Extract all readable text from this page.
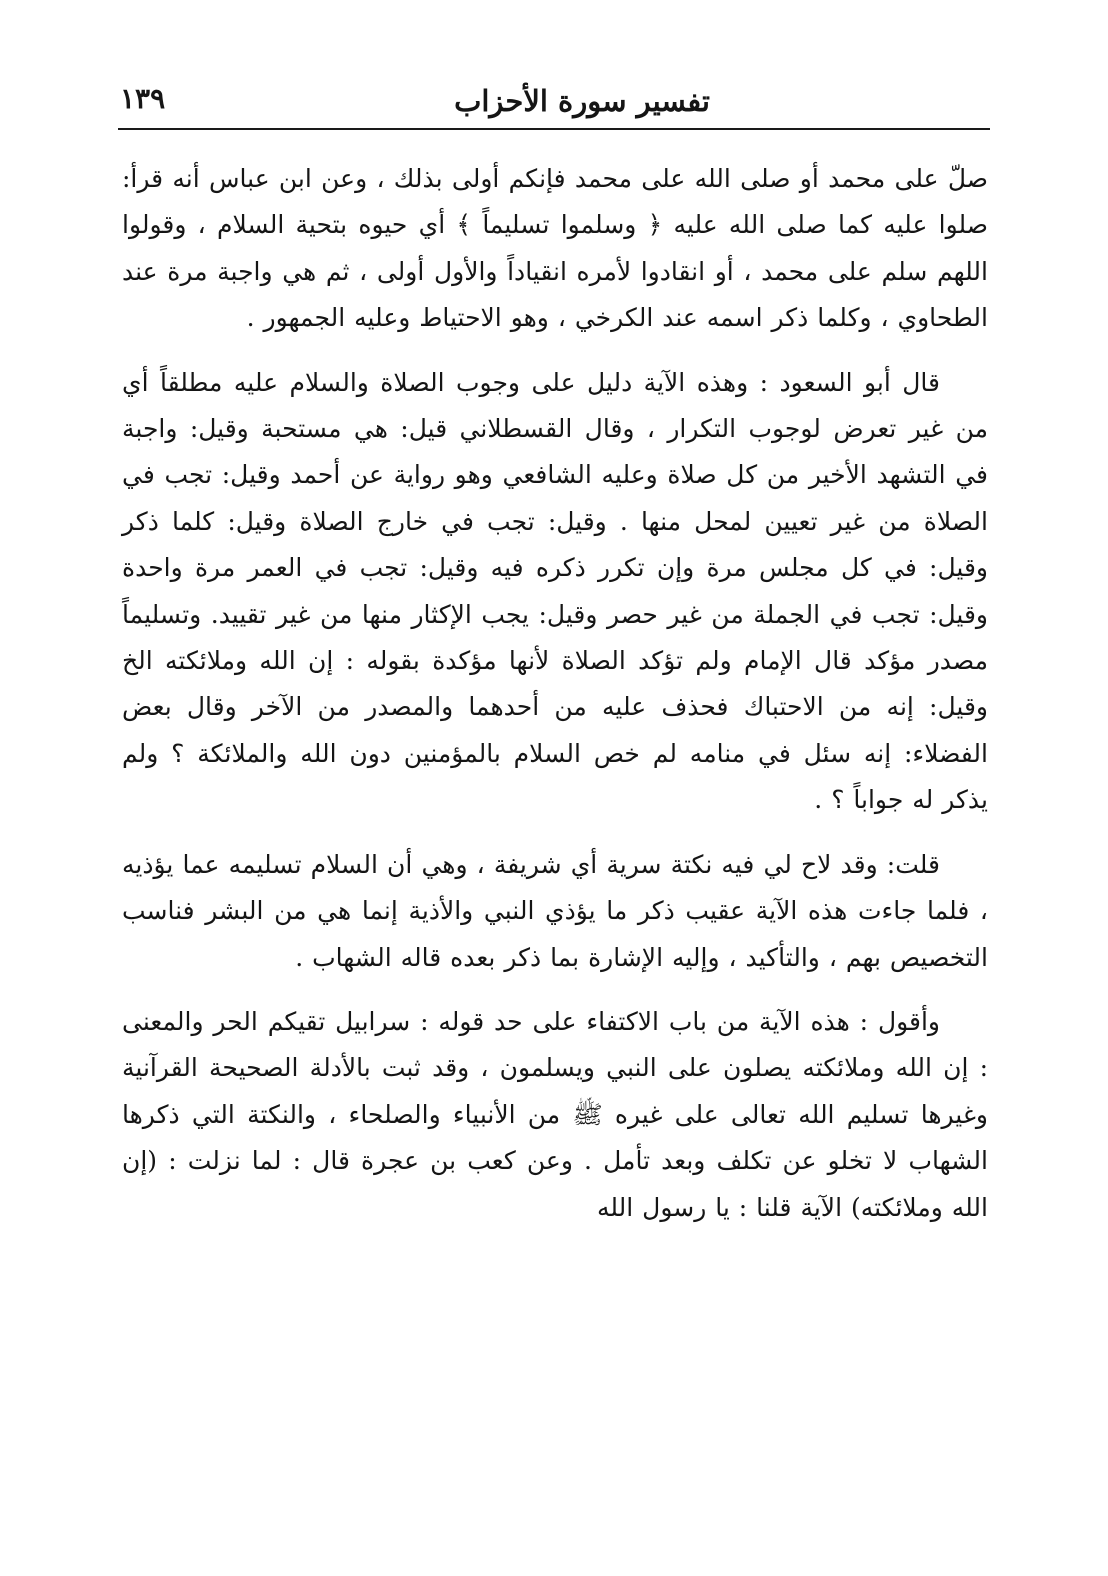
تفسير سورة الأحزاب
١٣٩

صلّ على محمد أو صلى الله على محمد فإنكم أولى بذلك ، وعن ابن عباس أنه قرأ: صلوا عليه كما صلى الله عليه ﴿ وسلموا تسليماً ﴾ أي حيوه بتحية السلام ، وقولوا اللهم سلم على محمد ، أو انقادوا لأمره انقياداً والأول أولى ، ثم هي واجبة مرة عند الطحاوي ، وكلما ذكر اسمه عند الكرخي ، وهو الاحتياط وعليه الجمهور .

قال أبو السعود : وهذه الآية دليل على وجوب الصلاة والسلام عليه مطلقاً أي من غير تعرض لوجوب التكرار ، وقال القسطلاني قيل: هي مستحبة وقيل: واجبة في التشهد الأخير من كل صلاة وعليه الشافعي وهو رواية عن أحمد وقيل: تجب في الصلاة من غير تعيين لمحل منها . وقيل: تجب في خارج الصلاة وقيل: كلما ذكر وقيل: في كل مجلس مرة وإن تكرر ذكره فيه وقيل: تجب في العمر مرة واحدة وقيل: تجب في الجملة من غير حصر وقيل: يجب الإكثار منها من غير تقييد. وتسليماً مصدر مؤكد قال الإمام ولم تؤكد الصلاة لأنها مؤكدة بقوله : إن الله وملائكته الخ وقيل: إنه من الاحتباك فحذف عليه من أحدهما والمصدر من الآخر وقال بعض الفضلاء: إنه سئل في منامه لم خص السلام بالمؤمنين دون الله والملائكة ؟ ولم يذكر له جواباً ؟ .

قلت: وقد لاح لي فيه نكتة سرية أي شريفة ، وهي أن السلام تسليمه عما يؤذيه ، فلما جاءت هذه الآية عقيب ذكر ما يؤذي النبي والأذية إنما هي من البشر فناسب التخصيص بهم ، والتأكيد ، وإليه الإشارة بما ذكر بعده قاله الشهاب .

وأقول : هذه الآية من باب الاكتفاء على حد قوله : سرابيل تقيكم الحر والمعنى : إن الله وملائكته يصلون على النبي ويسلمون ، وقد ثبت بالأدلة الصحيحة القرآنية وغيرها تسليم الله تعالى على غيره ﷺ من الأنبياء والصلحاء ، والنكتة التي ذكرها الشهاب لا تخلو عن تكلف وبعد تأمل . وعن كعب بن عجرة قال : لما نزلت : (إن الله وملائكته) الآية قلنا : يا رسول الله
